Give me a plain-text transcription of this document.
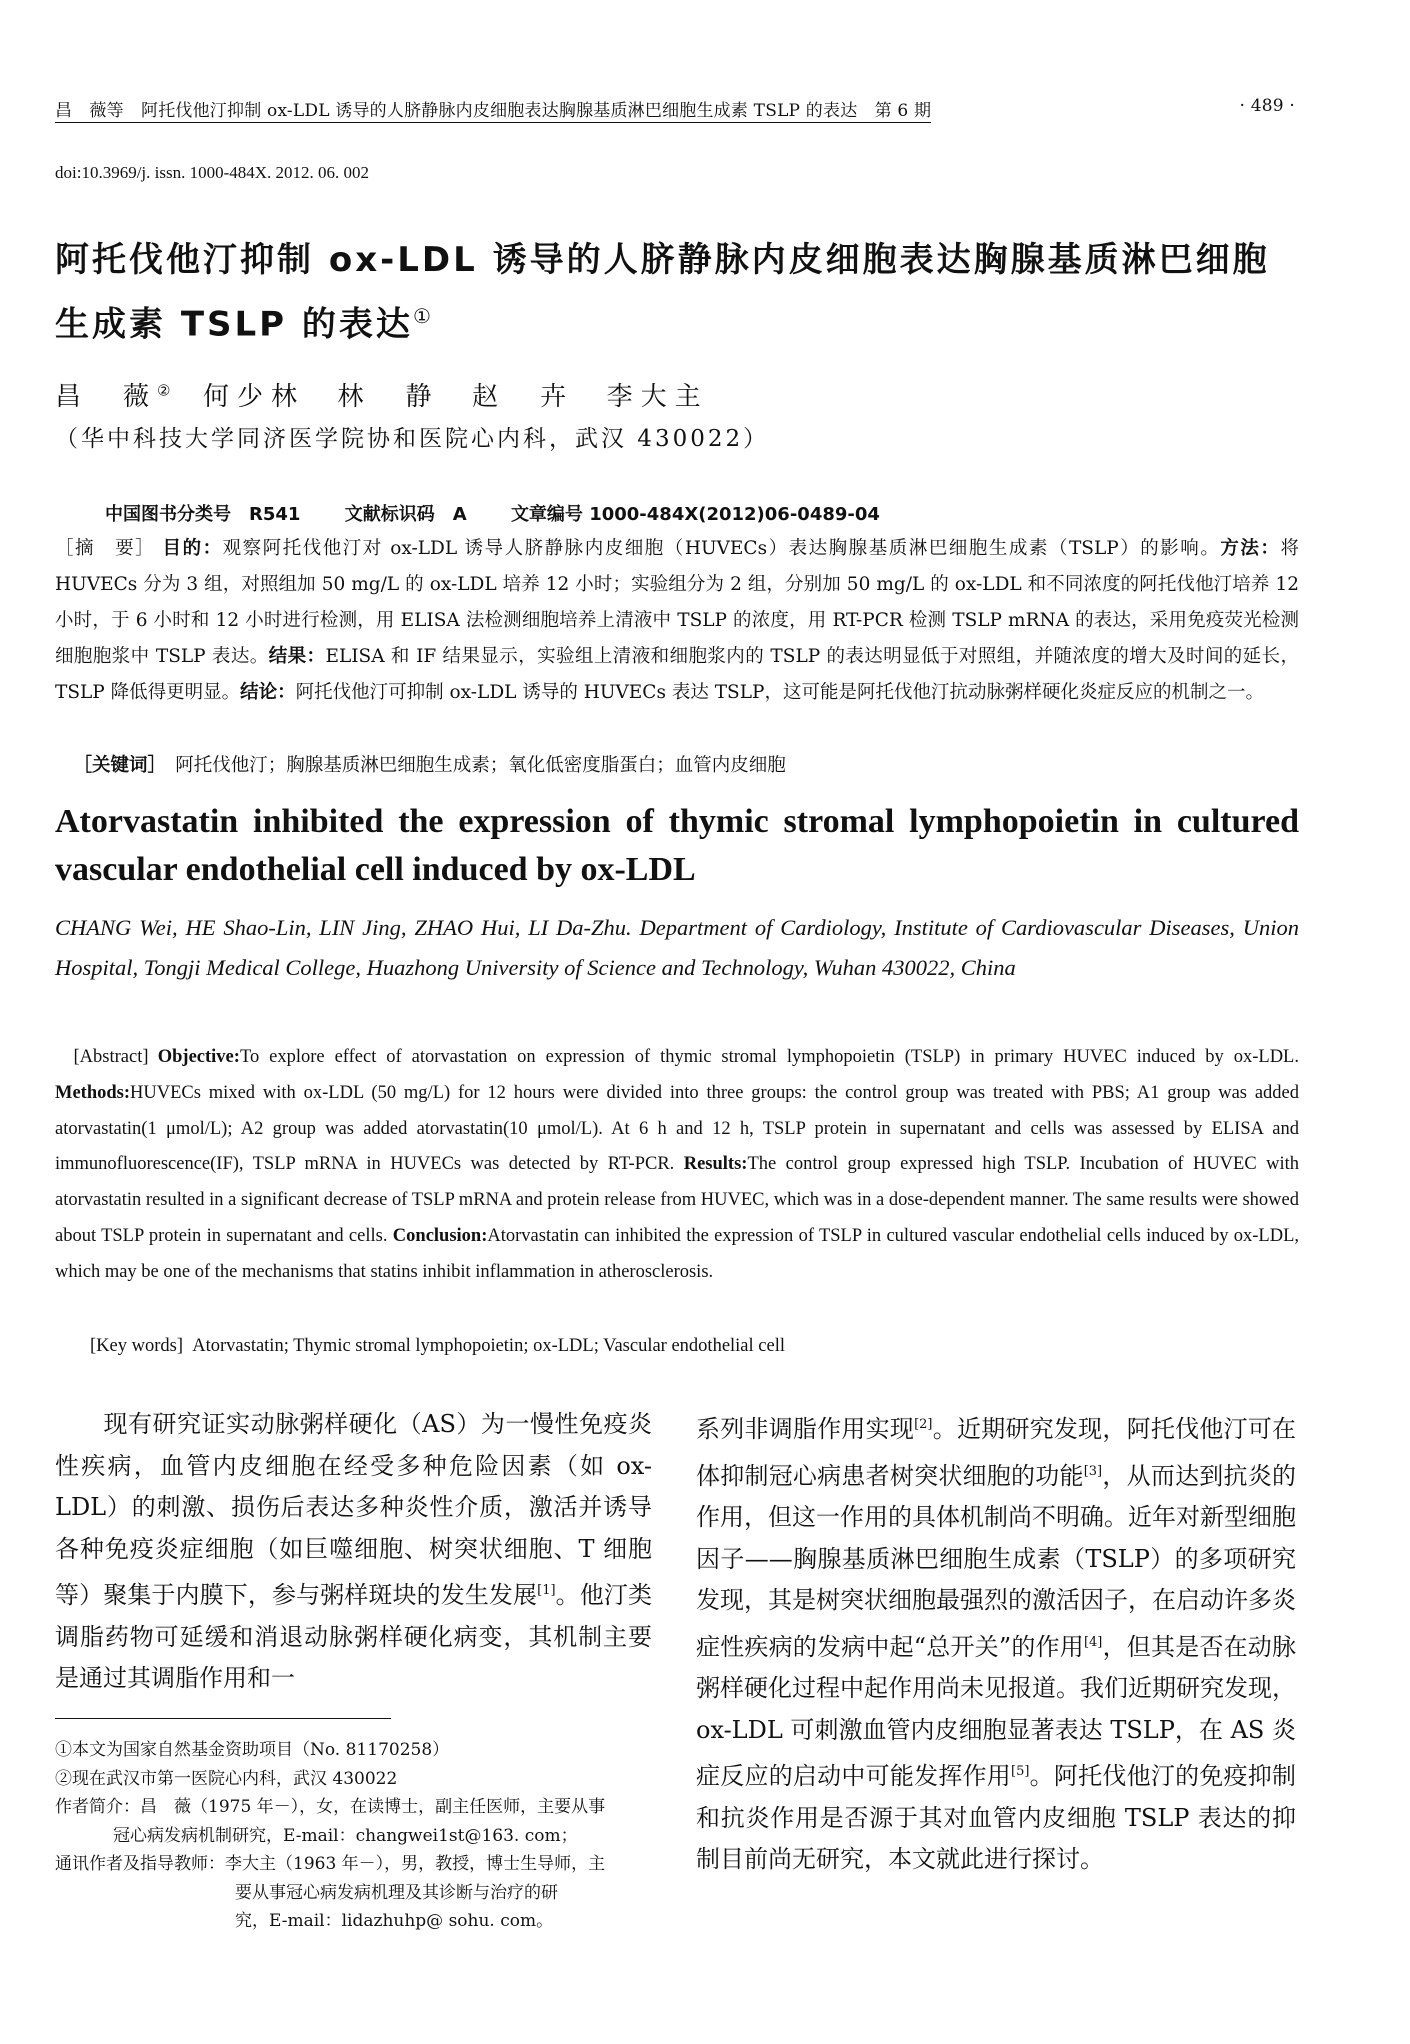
昌　薇等　阿托伐他汀抑制 ox-LDL 诱导的人脐静脉内皮细胞表达胸腺基质淋巴细胞生成素 TSLP 的表达　第 6 期	· 489 ·
doi:10.3969/j. issn. 1000-484X. 2012. 06. 002
阿托伐他汀抑制 ox-LDL 诱导的人脐静脉内皮细胞表达胸腺基质淋巴细胞生成素 TSLP 的表达①
昌　薇② 何少林 林　静 赵　卉 李大主
（华中科技大学同济医学院协和医院心内科，武汉 430022）
中国图书分类号　R541 文献标识码　A 文章编号 1000-484X(2012)06-0489-04
［摘　要］ 目的：观察阿托伐他汀对 ox-LDL 诱导人脐静脉内皮细胞（HUVECs）表达胸腺基质淋巴细胞生成素（TSLP）的影响。方法：将 HUVECs 分为 3 组，对照组加 50 mg/L 的 ox-LDL 培养 12 小时；实验组分为 2 组，分别加 50 mg/L 的 ox-LDL 和不同浓度的阿托伐他汀培养 12 小时，于 6 小时和 12 小时进行检测，用 ELISA 法检测细胞培养上清液中 TSLP 的浓度，用 RT-PCR 检测 TSLP mRNA 的表达，采用免疫荧光检测细胞胞浆中 TSLP 表达。结果：ELISA 和 IF 结果显示，实验组上清液和细胞浆内的 TSLP 的表达明显低于对照组，并随浓度的增大及时间的延长，TSLP 降低得更明显。结论：阿托伐他汀可抑制 ox-LDL 诱导的 HUVECs 表达 TSLP，这可能是阿托伐他汀抗动脉粥样硬化炎症反应的机制之一。
 ［关键词］  阿托伐他汀；胸腺基质淋巴细胞生成素；氧化低密度脂蛋白；血管内皮细胞
Atorvastatin inhibited the expression of thymic stromal lymphopoietin in cultured vascular endothelial cell induced by ox-LDL
CHANG Wei, HE Shao-Lin, LIN Jing, ZHAO Hui, LI Da-Zhu. Department of Cardiology, Institute of Cardiovascular Diseases, Union Hospital, Tongji Medical College, Huazhong University of Science and Technology, Wuhan 430022, China
 [Abstract]  Objective:To explore effect of atorvastation on expression of thymic stromal lymphopoietin (TSLP) in primary HUVEC induced by ox-LDL. Methods:HUVECs mixed with ox-LDL (50 mg/L) for 12 hours were divided into three groups: the control group was treated with PBS; A1 group was added atorvastatin(1 μmol/L); A2 group was added atorvastatin(10 μmol/L). At 6 h and 12 h, TSLP protein in supernatant and cells was assessed by ELISA and immunofluorescence(IF), TSLP mRNA in HUVECs was detected by RT-PCR. Results:The control group expressed high TSLP. Incubation of HUVEC with atorvastatin resulted in a significant decrease of TSLP mRNA and protein release from HUVEC, which was in a dose-dependent manner. The same results were showed about TSLP protein in supernatant and cells. Conclusion:Atorvastatin can inhibited the expression of TSLP in cultured vascular endothelial cells induced by ox-LDL, which may be one of the mechanisms that statins inhibit inflammation in atherosclerosis.
[Key words]  Atorvastatin; Thymic stromal lymphopoietin; ox-LDL; Vascular endothelial cell

  现有研究证实动脉粥样硬化（AS）为一慢性免疫炎性疾病，血管内皮细胞在经受多种危险因素（如 ox-LDL）的刺激、损伤后表达多种炎性介质，激活并诱导各种免疫炎症细胞（如巨噬细胞、树突状细胞、T 细胞等）聚集于内膜下，参与粥样斑块的发生发展[1]。他汀类调脂药物可延缓和消退动脉粥样硬化病变，其机制主要是通过其调脂作用和一

系列非调脂作用实现[2]。近期研究发现，阿托伐他汀可在体抑制冠心病患者树突状细胞的功能[3]，从而达到抗炎的作用，但这一作用的具体机制尚不明确。近年对新型细胞因子——胸腺基质淋巴细胞生成素（TSLP）的多项研究发现，其是树突状细胞最强烈的激活因子，在启动许多炎症性疾病的发病中起“总开关”的作用[4]，但其是否在动脉粥样硬化过程中起作用尚未见报道。我们近期研究发现，ox-LDL 可刺激血管内皮细胞显著表达 TSLP，在 AS 炎症反应的启动中可能发挥作用[5]。阿托伐他汀的免疫抑制和抗炎作用是否源于其对血管内皮细胞 TSLP 表达的抑制目前尚无研究，本文就此进行探讨。

①本文为国家自然基金资助项目（No. 81170258）
②现在武汉市第一医院心内科，武汉 430022
作者简介：昌　薇（1975 年－），女，在读博士，副主任医师，主要从事
冠心病发病机制研究，E-mail：changwei1st@163. com；
通讯作者及指导教师：李大主（1963 年－），男，教授，博士生导师，主
要从事冠心病发病机理及其诊断与治疗的研
究，E-mail：lidazhuhp@ sohu. com。
